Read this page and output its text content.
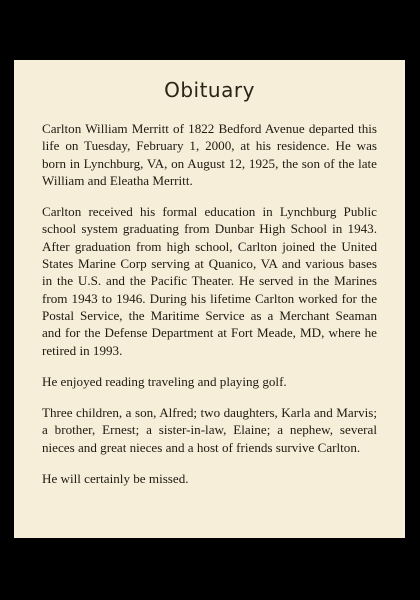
Obituary

Carlton William Merritt of 1822 Bedford Avenue departed this life on Tuesday, February 1, 2000, at his residence. He was born in Lynchburg, VA, on August 12, 1925, the son of the late William and Eleatha Merritt.

Carlton received his formal education in Lynchburg Public school system graduating from Dunbar High School in 1943. After graduation from high school, Carlton joined the United States Marine Corp serving at Quanico, VA and various bases in the U.S. and the Pacific Theater. He served in the Marines from 1943 to 1946. During his lifetime Carlton worked for the Postal Service, the Maritime Service as a Merchant Seaman and for the Defense Department at Fort Meade, MD, where he retired in 1993.

He enjoyed reading traveling and playing golf.

Three children, a son, Alfred; two daughters, Karla and Marvis; a brother, Ernest; a sister-in-law, Elaine; a nephew, several nieces and great nieces and a host of friends survive Carlton.

He will certainly be missed.
